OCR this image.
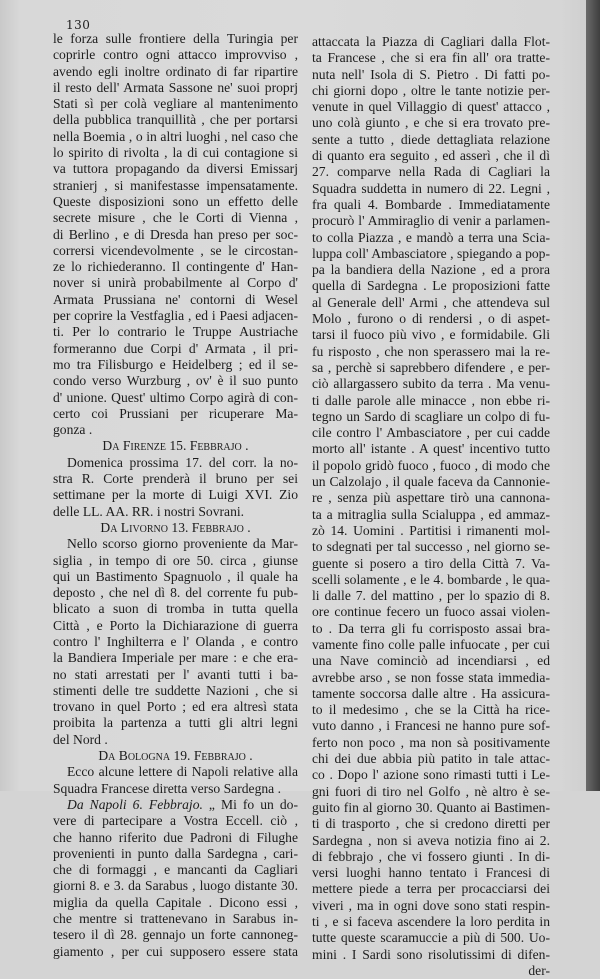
130
le forza sulle frontiere della Turingia per
coprirle contro ogni attacco improvviso ,
avendo egli inoltre ordinato di far ripartire
il resto dell' Armata Sassone ne' suoi proprj
Stati sì per colà vegliare al mantenimento
della pubblica tranquillità , che per portarsi
nella Boemia , o in altri luoghi , nel caso che
lo spirito di rivolta , la di cui contagione si
va tuttora propagando da diversi Emissarj
stranierj , si manifestasse impensatamente.
Queste disposizioni sono un effetto delle
secrete misure , che le Corti di Vienna ,
di Berlino , e di Dresda han preso per soc-
corrersi vicendevolmente , se le circostan-
ze lo richiederanno. Il contingente d' Han-
nover si unirà probabilmente al Corpo d'
Armata Prussiana ne' contorni di Wesel
per coprire la Vestfaglia , ed i Paesi adjacen-
ti. Per lo contrario le Truppe Austriache
formeranno due Corpi d' Armata , il pri-
mo tra Filisburgo e Heidelberg ; ed il se-
condo verso Wurzburg , ov' è il suo punto
d' unione. Quest' ultimo Corpo agirà di con-
certo coi Prussiani per ricuperare Ma-
gonza .
Da Firenze 15. Febbrajo .
Domenica prossima 17. del corr. la no-
stra R. Corte prenderà il bruno per sei
settimane per la morte di Luigi XVI. Zio
delle LL. AA. RR. i nostri Sovrani.
Da Livorno 13. Febbrajo .
Nello scorso giorno proveniente da Mar-
siglia , in tempo di ore 50. circa , giunse
qui un Bastimento Spagnuolo , il quale ha
deposto , che nel dì 8. del corrente fu pub-
blicato a suon di tromba in tutta quella
Città , e Porto la Dichiarazione di guerra
contro l' Inghilterra e l' Olanda , e contro
la Bandiera Imperiale per mare : e che era-
no stati arrestati per l' avanti tutti i ba-
stimenti delle tre suddette Nazioni , che si
trovano in quel Porto ; ed era altresì stata
proibita la partenza a tutti gli altri legni
del Nord .
Da Bologna 19. Febbrajo .
Ecco alcune lettere di Napoli relative alla
Squadra Francese diretta verso Sardegna .
Da Napoli 6. Febbrajo. „ Mi fo un do-
vere di partecipare a Vostra Eccell. ciò ,
che hanno riferito due Padroni di Filughe
provenienti in punto dalla Sardegna , cari-
che di formaggi , e mancanti da Cagliari
giorni 8. e 3. da Sarabus , luogo distante 30.
miglia da quella Capitale . Dicono essi ,
che mentre si trattenevano in Sarabus in-
tesero il dì 28. gennajo un forte cannoneg-
giamento , per cui supposero essere stata
attaccata la Piazza di Cagliari dalla Flot-
ta Francese , che si era fin all' ora tratte-
nuta nell' Isola di S. Pietro . Di fatti po-
chi giorni dopo , oltre le tante notizie per-
venute in quel Villaggio di quest' attacco ,
uno colà giunto , e che si era trovato pre-
sente a tutto , diede dettagliata relazione
di quanto era seguito , ed asserì , che il dì
27. comparve nella Rada di Cagliari la
Squadra suddetta in numero di 22. Legni ,
fra quali 4. Bombarde . Immediatamente
procurò l' Ammiraglio di venir a parlamen-
to colla Piazza , e mandò a terra una Scia-
luppa coll' Ambasciatore , spiegando a pop-
pa la bandiera della Nazione , ed a prora
quella di Sardegna . Le proposizioni fatte
al Generale dell' Armi , che attendeva sul
Molo , furono o di rendersi , o di aspet-
tarsi il fuoco più vivo , e formidabile. Gli
fu risposto , che non sperassero mai la re-
sa , perchè si saprebbero difendere , e per-
ciò allargassero subito da terra . Ma venu-
ti dalle parole alle minacce , non ebbe ri-
tegno un Sardo di scagliare un colpo di fu-
cile contro l' Ambasciatore , per cui cadde
morto all' istante . A quest' incentivo tutto
il popolo gridò fuoco , fuoco , di modo che
un Calzolajo , il quale faceva da Cannonie-
re , senza più aspettare tirò una cannona-
ta a mitraglia sulla Scialuppa , ed ammaz-
zò 14. Uomini . Partitisi i rimanenti mol-
to sdegnati per tal successo , nel giorno se-
guente si posero a tiro della Città 7. Va-
scelli solamente , e le 4. bombarde , le qua-
li dalle 7. del mattino , per lo spazio di 8.
ore continue fecero un fuoco assai violen-
to . Da terra gli fu corrisposto assai bra-
vamente fino colle palle infuocate , per cui
una Nave cominciò ad incendiarsi , ed
avrebbe arso , se non fosse stata immedia-
tamente soccorsa dalle altre . Ha assicura-
to il medesimo , che se la Città ha rice-
vuto danno , i Francesi ne hanno pure sof-
ferto non poco , ma non sà positivamente
chi dei due abbia più patito in tale attac-
co . Dopo l' azione sono rimasti tutti i Le-
gni fuori di tiro nel Golfo , nè altro è se-
guito fin al giorno 30. Quanto ai Bastimen-
ti di trasporto , che si credono diretti per
Sardegna , non si aveva notizia fino ai 2.
di febbrajo , che vi fossero giunti . In di-
versi luoghi hanno tentato i Francesi di
mettere piede a terra per procacciarsi dei
viveri , ma in ogni dove sono stati respin-
ti , e si faceva ascendere la loro perdita in
tutte queste scaramuccie a più di 500. Uo-
mini . I Sardi sono risolutissimi di difen-
der-
